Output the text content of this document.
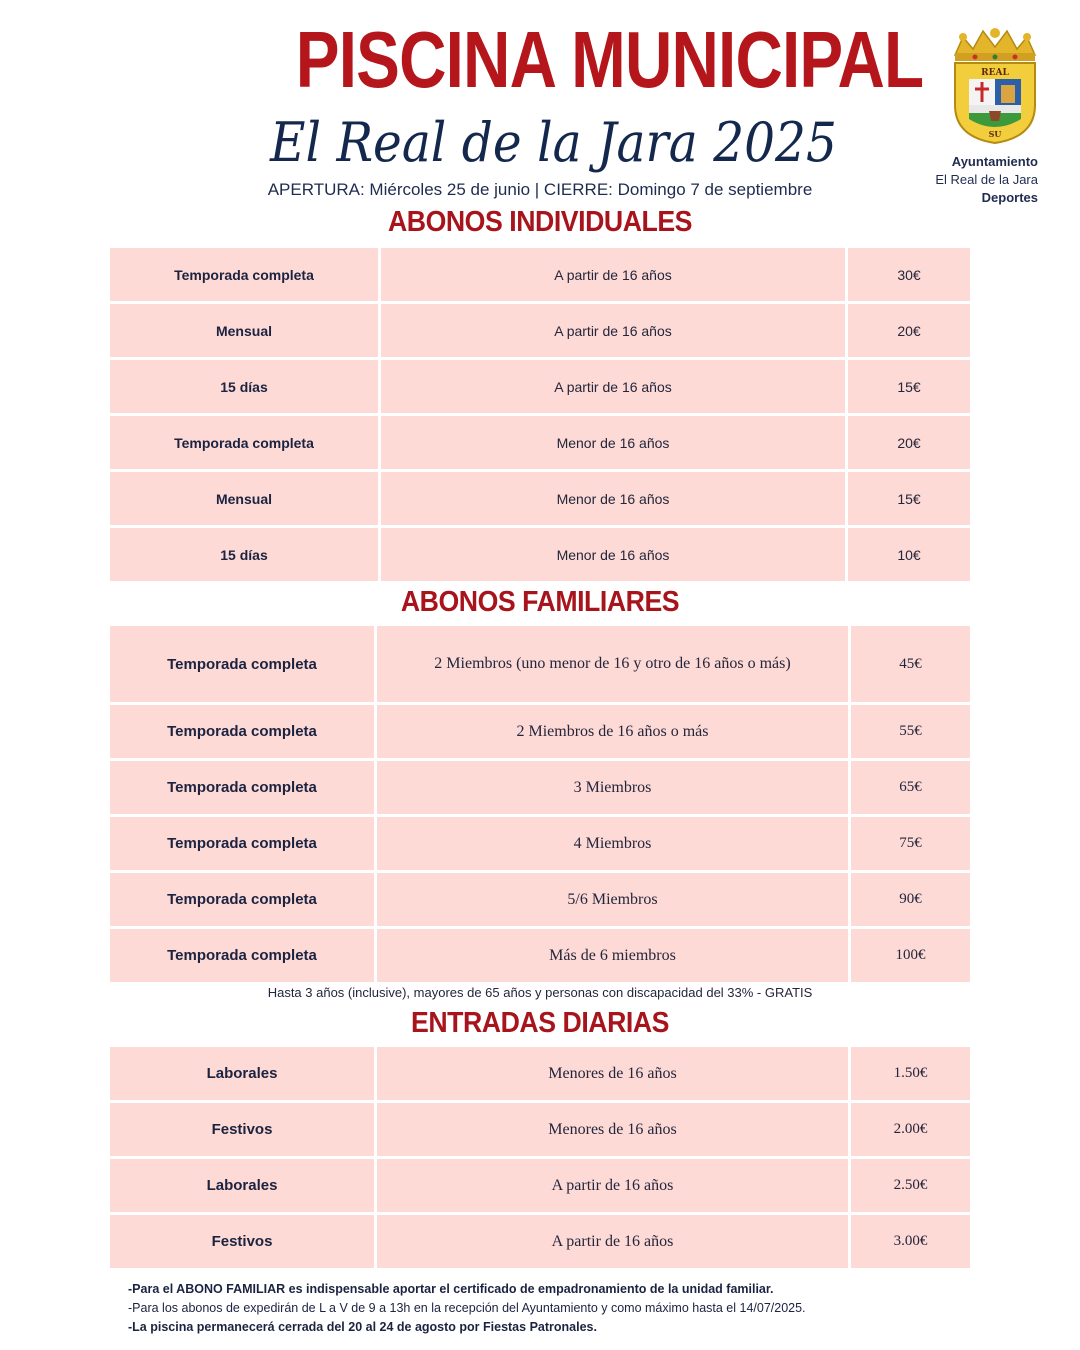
PISCINA MUNICIPAL
El Real de la Jara 2025
APERTURA: Miércoles 25 de junio | CIERRE: Domingo 7 de septiembre
REAL
SU
Ayuntamiento
El Real de la Jara
Deportes
ABONOS INDIVIDUALES
Temporada completa	A partir de 16 años	30€
Mensual	A partir de 16 años	20€
15 días	A partir de 16 años	15€
Temporada completa	Menor de 16 años	20€
Mensual	Menor de 16 años	15€
15 días	Menor de 16 años	10€
ABONOS FAMILIARES
Temporada completa	2 Miembros (uno menor de 16 y otro de 16 años o más)	45€
Temporada completa	2 Miembros de 16 años o más	55€
Temporada completa	3 Miembros	65€
Temporada completa	4 Miembros	75€
Temporada completa	5/6 Miembros	90€
Temporada completa	Más de 6 miembros	100€
Hasta 3 años (inclusive), mayores de 65 años y personas con discapacidad del 33% - GRATIS
ENTRADAS DIARIAS
Laborales	Menores de 16 años	1.50€
Festivos	Menores de 16 años	2.00€
Laborales	A partir de 16 años	2.50€
Festivos	A partir de 16 años	3.00€
-Para el ABONO FAMILIAR es indispensable aportar el certificado de empadronamiento de la unidad familiar.
-Para los abonos de expedirán de L a V de 9 a 13h en la recepción del Ayuntamiento y como máximo hasta el 14/07/2025.
-La piscina permanecerá cerrada del 20 al 24 de agosto por Fiestas Patronales.
